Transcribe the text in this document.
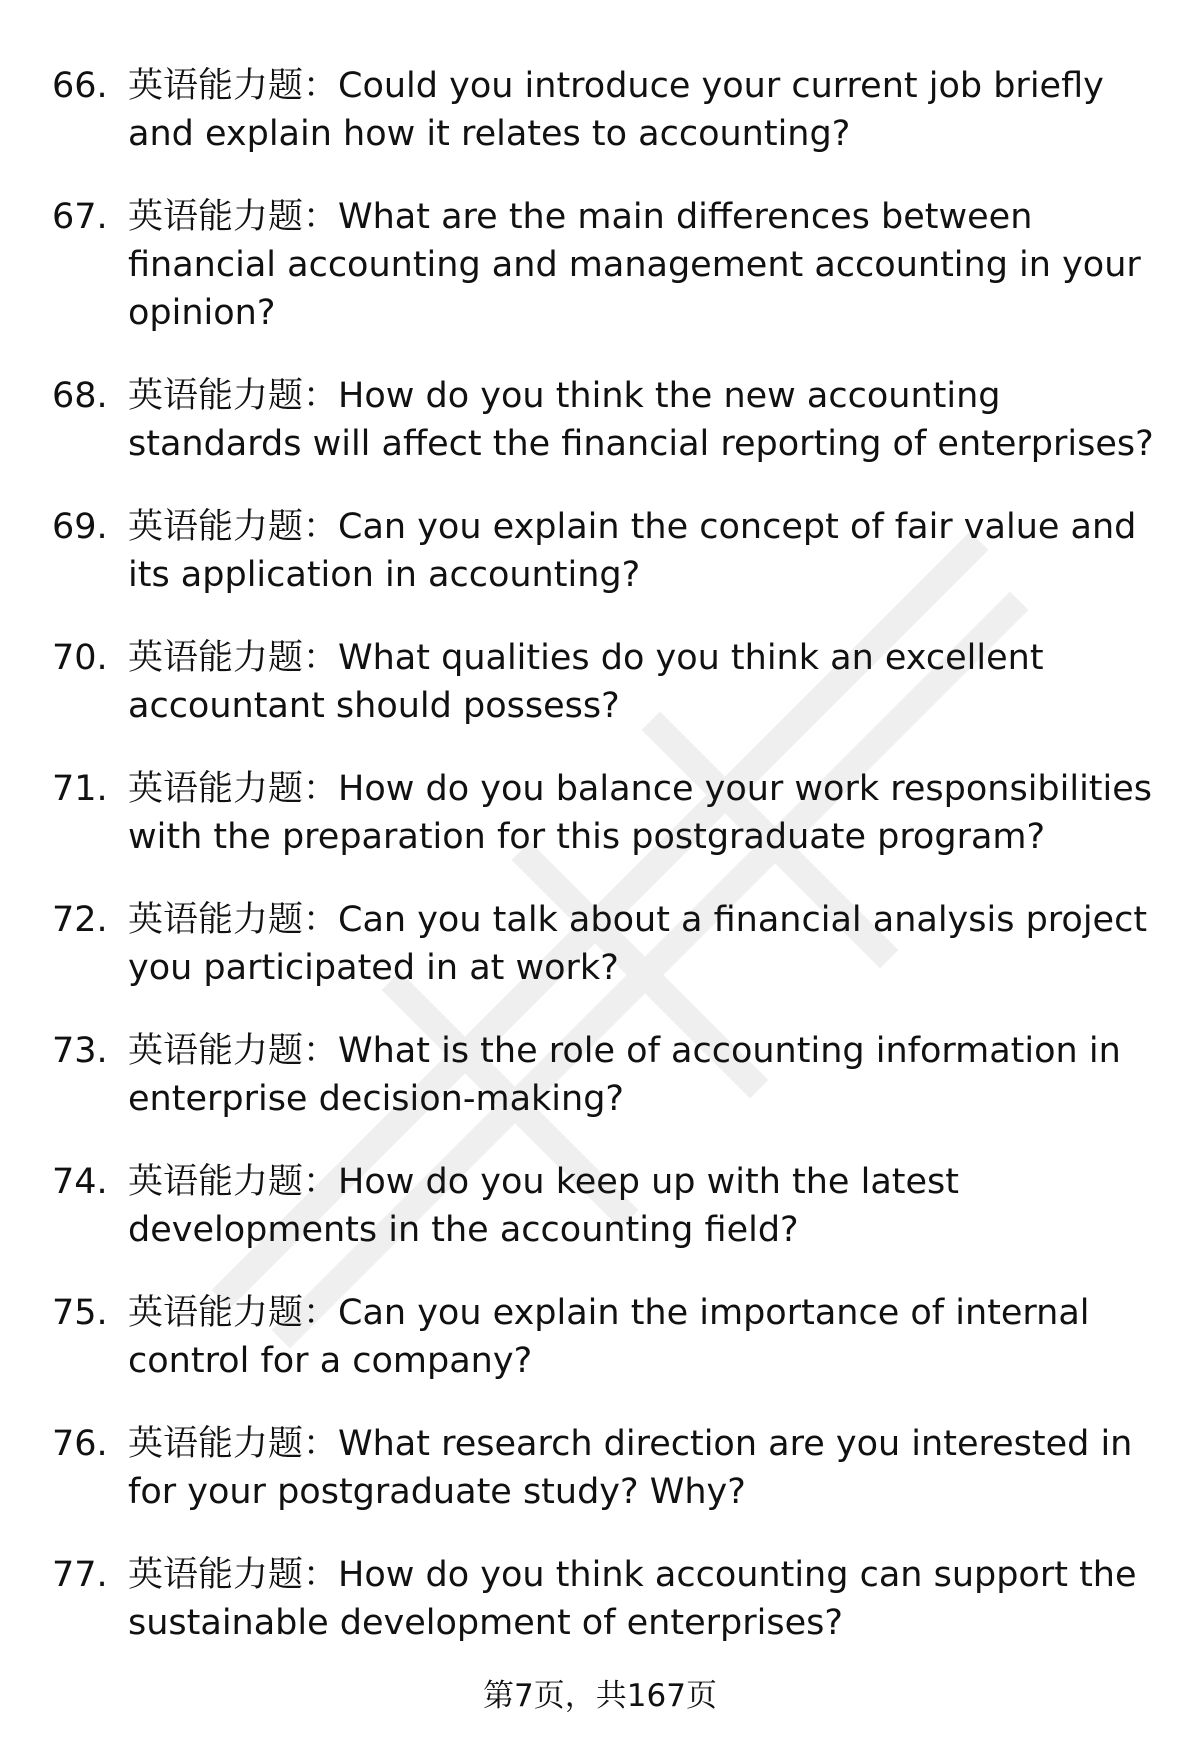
66. 英语能力题：Could you introduce your current job briefly and explain how it relates to accounting?
67. 英语能力题：What are the main differences between financial accounting and management accounting in your opinion?
68. 英语能力题：How do you think the new accounting standards will affect the financial reporting of enterprises?
69. 英语能力题：Can you explain the concept of fair value and its application in accounting?
70. 英语能力题：What qualities do you think an excellent accountant should possess?
71. 英语能力题：How do you balance your work responsibilities with the preparation for this postgraduate program?
72. 英语能力题：Can you talk about a financial analysis project you participated in at work?
73. 英语能力题：What is the role of accounting information in enterprise decision-making?
74. 英语能力题：How do you keep up with the latest developments in the accounting field?
75. 英语能力题：Can you explain the importance of internal control for a company?
76. 英语能力题：What research direction are you interested in for your postgraduate study? Why?
77. 英语能力题：How do you think accounting can support the sustainable development of enterprises?
第7页，共167页
